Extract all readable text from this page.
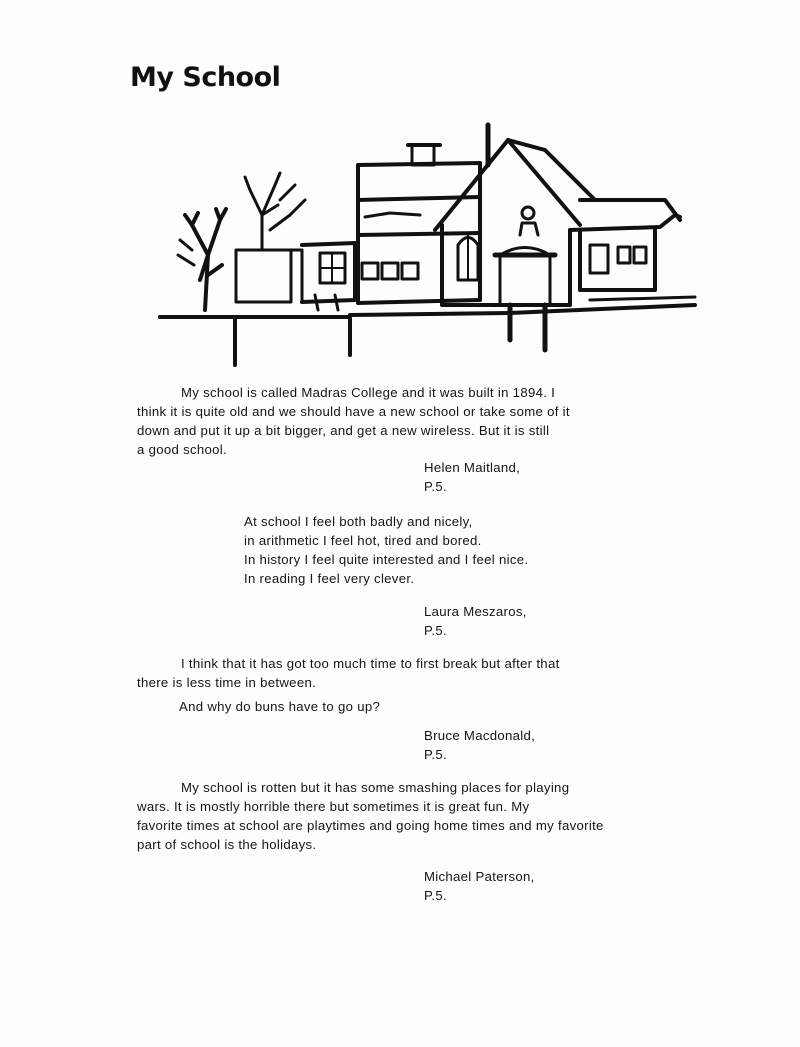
My School
My school is called Madras College and it was built in 1894. I
think it is quite old and we should have a new school or take some of it
down and put it up a bit bigger, and get a new wireless. But it is still
a good school.
Helen Maitland,
P.5.
At school I feel both badly and nicely,
in arithmetic I feel hot, tired and bored.
In history I feel quite interested and I feel nice.
In reading I feel very clever.
Laura Meszaros,
P.5.
I think that it has got too much time to first break but after that
there is less time in between.
And why do buns have to go up?
Bruce Macdonald,
P.5.
My school is rotten but it has some smashing places for playing
wars. It is mostly horrible there but sometimes it is great fun. My
favorite times at school are playtimes and going home times and my favorite
part of school is the holidays.
Michael Paterson,
P.5.
